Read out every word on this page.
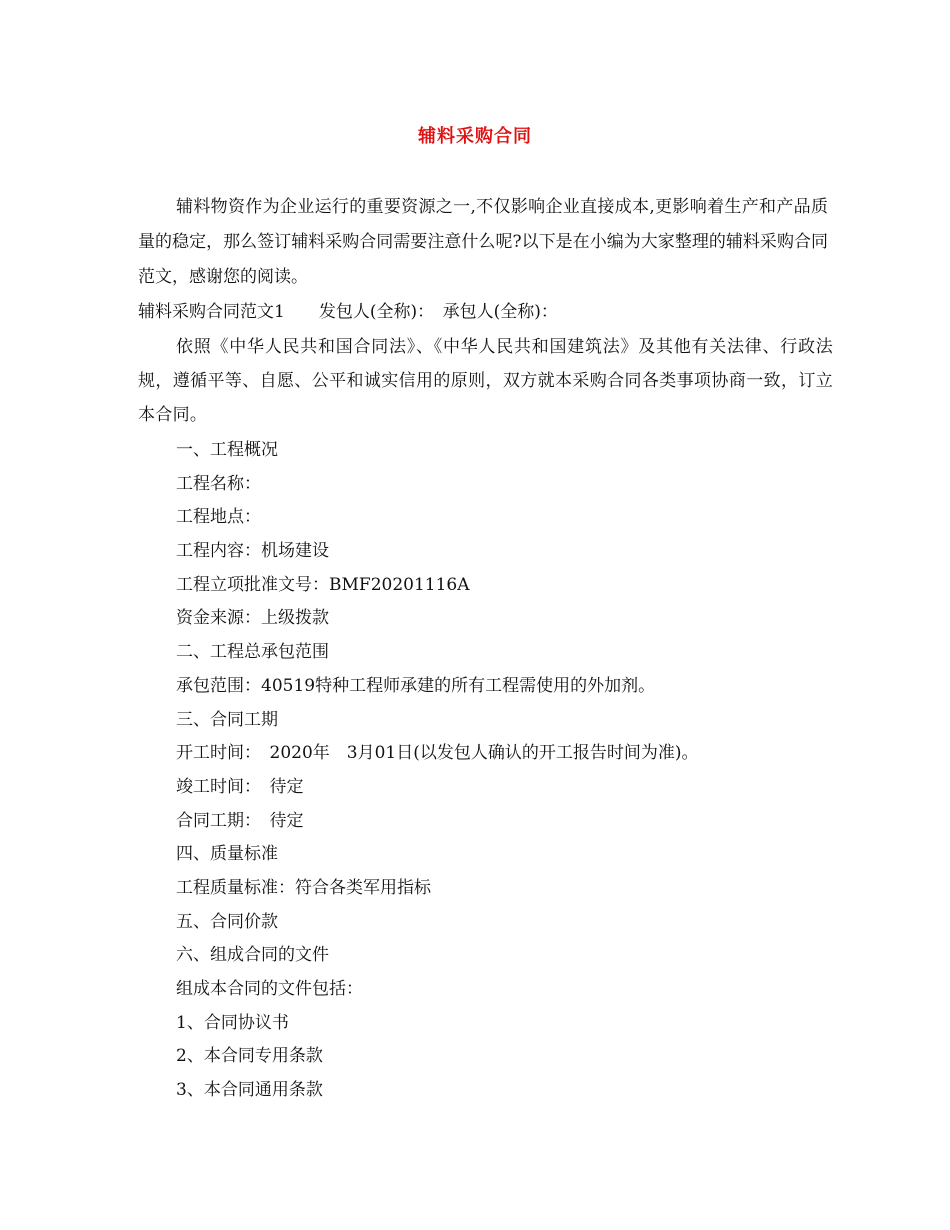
辅料采购合同
辅料物资作为企业运行的重要资源之一,不仅影响企业直接成本,更影响着生产和产品质量的稳定，那么签订辅料采购合同需要注意什么呢?以下是在小编为大家整理的辅料采购合同范文，感谢您的阅读。
辅料采购合同范文1　　发包人(全称)：　承包人(全称)：
依照《中华人民共和国合同法》、《中华人民共和国建筑法》及其他有关法律、行政法规，遵循平等、自愿、公平和诚实信用的原则，双方就本采购合同各类事项协商一致，订立本合同。
一、工程概况
工程名称：
工程地点：
工程内容：机场建设
工程立项批准文号：BMF20201116A
资金来源：上级拨款
二、工程总承包范围
承包范围：40519特种工程师承建的所有工程需使用的外加剂。
三、合同工期
开工时间：　2020年　3月01日(以发包人确认的开工报告时间为准)。
竣工时间：　待定
合同工期：　待定
四、质量标准
工程质量标准：符合各类军用指标
五、合同价款
六、组成合同的文件
组成本合同的文件包括：
1、合同协议书
2、本合同专用条款
3、本合同通用条款
